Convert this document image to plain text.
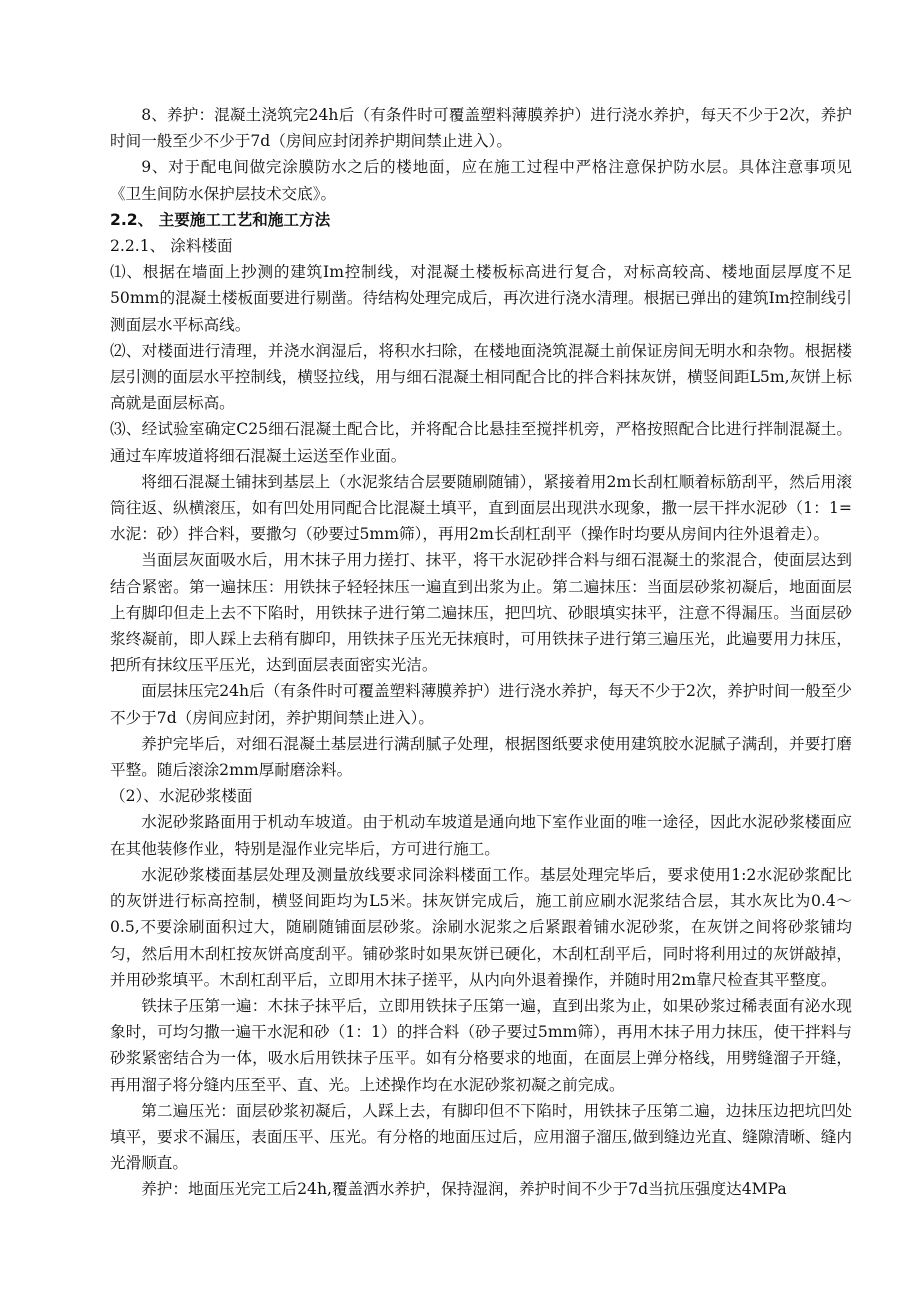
8、养护：混凝土浇筑完24h后（有条件时可覆盖塑料薄膜养护）进行浇水养护，每天不少于2次，养护时间一般至少不少于7d（房间应封闭养护期间禁止进入）。

9、对于配电间做完涂膜防水之后的楼地面，应在施工过程中严格注意保护防水层。具体注意事项见《卫生间防水保护层技术交底》。

2.2、 主要施工工艺和施工方法

2.2.1、 涂料楼面

⑴、根据在墙面上抄测的建筑Im控制线，对混凝土楼板标高进行复合，对标高较高、楼地面层厚度不足50mm的混凝土楼板面要进行剔凿。待结构处理完成后，再次进行浇水清理。根据已弹出的建筑Im控制线引测面层水平标高线。

⑵、对楼面进行清理，并浇水润湿后，将积水扫除，在楼地面浇筑混凝土前保证房间无明水和杂物。根据楼层引测的面层水平控制线，横竖拉线，用与细石混凝土相同配合比的拌合料抹灰饼，横竖间距L5m,灰饼上标高就是面层标高。

⑶、经试验室确定C25细石混凝土配合比，并将配合比悬挂至搅拌机旁，严格按照配合比进行拌制混凝土。通过车库坡道将细石混凝土运送至作业面。

将细石混凝土铺抹到基层上（水泥浆结合层要随刷随铺），紧接着用2m长刮杠顺着标筋刮平，然后用滚筒往返、纵横滚压，如有凹处用同配合比混凝土填平，直到面层出现洪水现象，撒一层干拌水泥砂（1：1=水泥：砂）拌合料，要撒匀（砂要过5mm筛），再用2m长刮杠刮平（操作时均要从房间内往外退着走）。

当面层灰面吸水后，用木抹子用力搓打、抹平，将干水泥砂拌合料与细石混凝土的浆混合，使面层达到结合紧密。第一遍抹压：用铁抹子轻轻抹压一遍直到出浆为止。第二遍抹压：当面层砂浆初凝后，地面面层上有脚印但走上去不下陷时，用铁抹子进行第二遍抹压，把凹坑、砂眼填实抹平，注意不得漏压。当面层砂浆终凝前，即人踩上去稍有脚印，用铁抹子压光无抹痕时，可用铁抹子进行第三遍压光，此遍要用力抹压，把所有抹纹压平压光，达到面层表面密实光洁。

面层抹压完24h后（有条件时可覆盖塑料薄膜养护）进行浇水养护，每天不少于2次，养护时间一般至少不少于7d（房间应封闭，养护期间禁止进入）。

养护完毕后，对细石混凝土基层进行满刮腻子处理，根据图纸要求使用建筑胶水泥腻子满刮，并要打磨平整。随后滚涂2mm厚耐磨涂料。

（2）、水泥砂浆楼面

水泥砂浆路面用于机动车坡道。由于机动车坡道是通向地下室作业面的唯一途径，因此水泥砂浆楼面应在其他装修作业，特别是湿作业完毕后，方可进行施工。

水泥砂浆楼面基层处理及测量放线要求同涂料楼面工作。基层处理完毕后，要求使用1:2水泥砂浆配比的灰饼进行标高控制，横竖间距均为L5米。抹灰饼完成后，施工前应刷水泥浆结合层，其水灰比为0.4～0.5,不要涂刷面积过大，随刷随铺面层砂浆。涂刷水泥浆之后紧跟着铺水泥砂浆，在灰饼之间将砂浆铺均匀，然后用木刮杠按灰饼高度刮平。铺砂浆时如果灰饼已硬化，木刮杠刮平后，同时将利用过的灰饼敲掉，并用砂浆填平。木刮杠刮平后，立即用木抹子搓平，从内向外退着操作，并随时用2m靠尺检查其平整度。

铁抹子压第一遍：木抹子抹平后，立即用铁抹子压第一遍，直到出浆为止，如果砂浆过稀表面有泌水现象时，可均匀撒一遍干水泥和砂（1：1）的拌合料（砂子要过5mm筛），再用木抹子用力抹压，使干拌料与砂浆紧密结合为一体，吸水后用铁抹子压平。如有分格要求的地面，在面层上弹分格线，用劈缝溜子开缝，再用溜子将分缝内压至平、直、光。上述操作均在水泥砂浆初凝之前完成。

第二遍压光：面层砂浆初凝后，人踩上去，有脚印但不下陷时，用铁抹子压第二遍，边抹压边把坑凹处填平，要求不漏压，表面压平、压光。有分格的地面压过后，应用溜子溜压,做到缝边光直、缝隙清晰、缝内光滑顺直。

养护：地面压光完工后24h,覆盖洒水养护，保持湿润，养护时间不少于7d当抗压强度达4MPa
